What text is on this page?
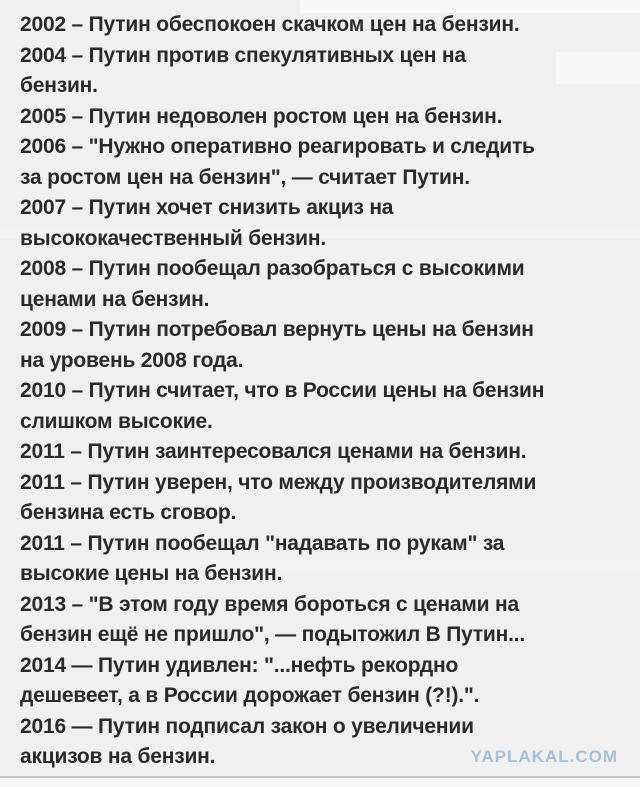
2002 – Путин обеспокоен скачком цен на бензин.
2004 – Путин против спекулятивных цен на
бензин.
2005 – Путин недоволен ростом цен на бензин.
2006 – "Нужно оперативно реагировать и следить
за ростом цен на бензин", — считает Путин.
2007 – Путин хочет снизить акциз на
высококачественный бензин.
2008 – Путин пообещал разобраться с высокими
ценами на бензин.
2009 – Путин потребовал вернуть цены на бензин
на уровень 2008 года.
2010 – Путин считает, что в России цены на бензин
слишком высокие.
2011 – Путин заинтересовался ценами на бензин.
2011 – Путин уверен, что между производителями
бензина есть сговор.
2011 – Путин пообещал "надавать по рукам" за
высокие цены на бензин.
2013 – "В этом году время бороться с ценами на
бензин ещё не пришло", — подытожил В Путин...
2014 — Путин удивлен: "...нефть рекордно
дешевеет, а в России дорожает бензин (?!).".
2016 — Путин подписал закон о увеличении
акцизов на бензин.	YAPLAKAL.COM
